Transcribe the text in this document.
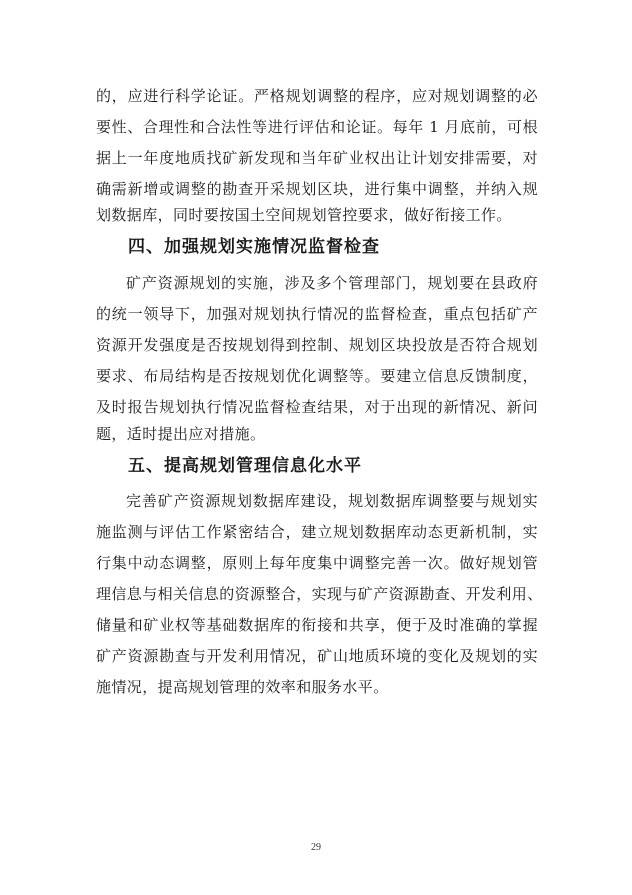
的，应进行科学论证。严格规划调整的程序，应对规划调整的必
要性、合理性和合法性等进行评估和论证。每年 1 月底前，可根
据上一年度地质找矿新发现和当年矿业权出让计划安排需要，对
确需新增或调整的勘查开采规划区块，进行集中调整，并纳入规
划数据库，同时要按国土空间规划管控要求，做好衔接工作。
四、加强规划实施情况监督检查
矿产资源规划的实施，涉及多个管理部门，规划要在县政府
的统一领导下，加强对规划执行情况的监督检查，重点包括矿产
资源开发强度是否按规划得到控制、规划区块投放是否符合规划
要求、布局结构是否按规划优化调整等。要建立信息反馈制度，
及时报告规划执行情况监督检查结果，对于出现的新情况、新问
题，适时提出应对措施。
五、提高规划管理信息化水平
完善矿产资源规划数据库建设，规划数据库调整要与规划实
施监测与评估工作紧密结合，建立规划数据库动态更新机制，实
行集中动态调整，原则上每年度集中调整完善一次。做好规划管
理信息与相关信息的资源整合，实现与矿产资源勘查、开发利用、
储量和矿业权等基础数据库的衔接和共享，便于及时准确的掌握
矿产资源勘查与开发利用情况，矿山地质环境的变化及规划的实
施情况，提高规划管理的效率和服务水平。
29
